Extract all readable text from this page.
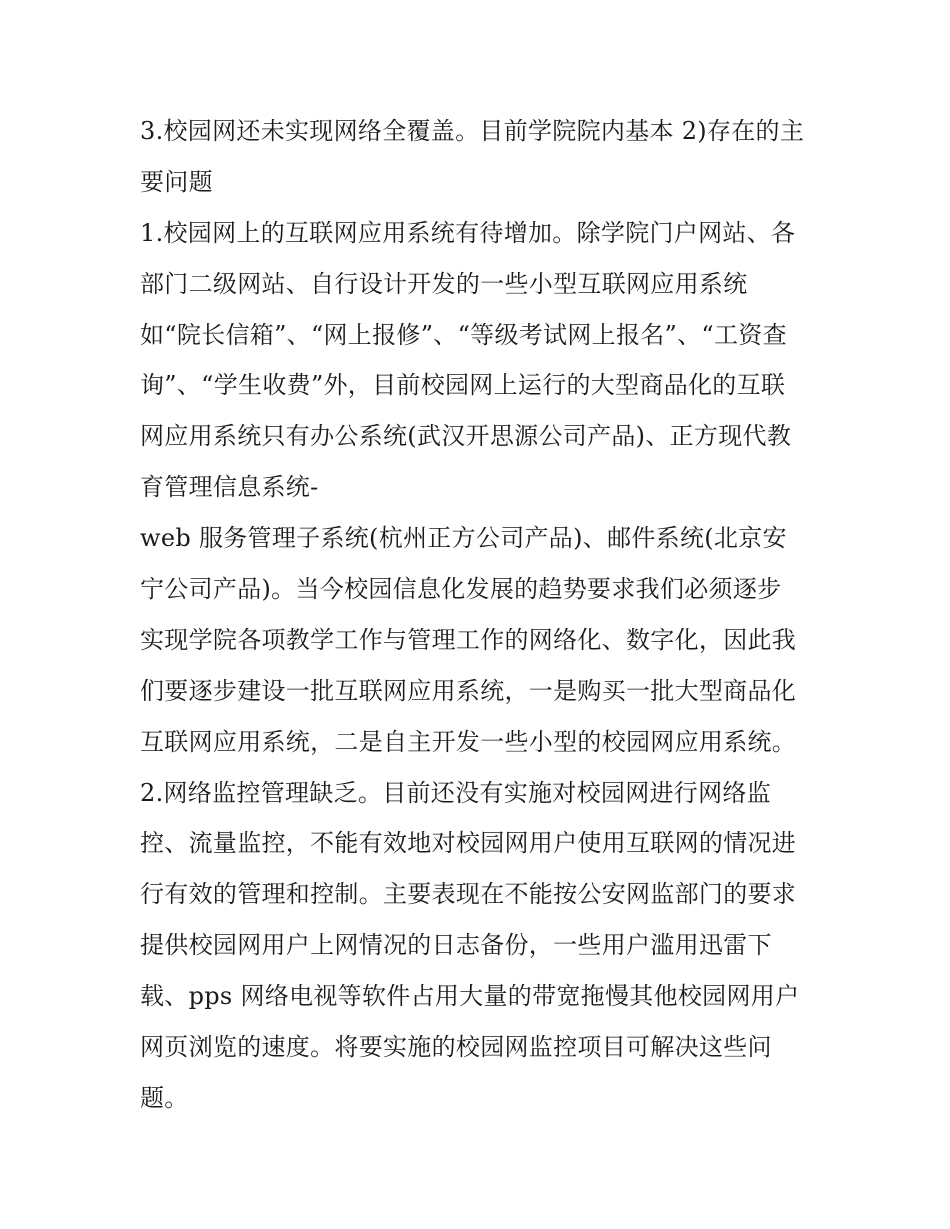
3.校园网还未实现网络全覆盖。目前学院院内基本 2)存在的主
要问题
1.校园网上的互联网应用系统有待增加。除学院门户网站、各
部门二级网站、自行设计开发的一些小型互联网应用系统
如“院长信箱”、“网上报修”、“等级考试网上报名”、“工资查
询”、“学生收费”外，目前校园网上运行的大型商品化的互联
网应用系统只有办公系统(武汉开思源公司产品)、正方现代教
育管理信息系统-
web 服务管理子系统(杭州正方公司产品)、邮件系统(北京安
宁公司产品)。当今校园信息化发展的趋势要求我们必须逐步
实现学院各项教学工作与管理工作的网络化、数字化，因此我
们要逐步建设一批互联网应用系统，一是购买一批大型商品化
互联网应用系统，二是自主开发一些小型的校园网应用系统。
2.网络监控管理缺乏。目前还没有实施对校园网进行网络监
控、流量监控，不能有效地对校园网用户使用互联网的情况进
行有效的管理和控制。主要表现在不能按公安网监部门的要求
提供校园网用户上网情况的日志备份，一些用户滥用迅雷下
载、pps 网络电视等软件占用大量的带宽拖慢其他校园网用户
网页浏览的速度。将要实施的校园网监控项目可解决这些问
题。
